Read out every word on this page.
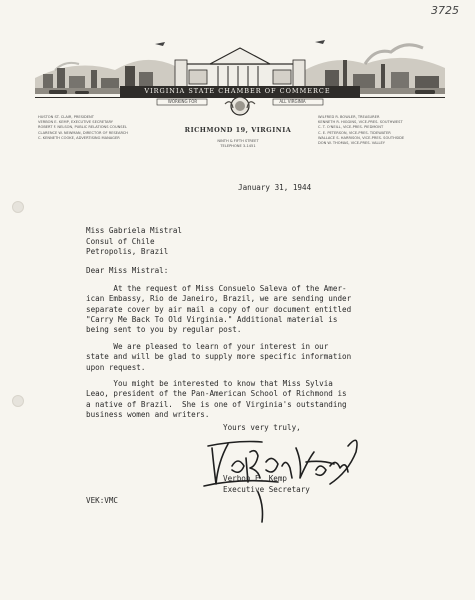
3725
VIRGINIA STATE CHAMBER OF COMMERCE
WORKING FOR	ALL VIRGINIA
HUSTON ST. CLAIR, PRESIDENT
VERBON E. KEMP, EXECUTIVE SECRETARY
ROBERT F. NELSON, PUBLIC RELATIONS COUNSEL
CLARENCE W. NEWMAN, DIRECTOR OF RESEARCH
C. KENNETH COOKE, ADVERTISING MANAGER
RICHMOND 19, VIRGINIA
NINTH & FIFTH STREET
TELEPHONE 3-1451
WILFRED R. BOWLER, TREASURER
KENNETH R. HIGGINS, VICE-PRES. SOUTHWEST
C. T. O'NEILL, VICE-PRES. PIEDMONT
C. E. PETERSON, VICE-PRES. TIDEWATER
WALLACE S. HARRISON, VICE-PRES. SOUTHSIDE
DON W. THOMAS, VICE-PRES. VALLEY
January 31, 1944
Miss Gabriela Mistral
Consul of Chile
Petropolis, Brazil
Dear Miss Mistral:
At the request of Miss Consuelo Saleva of the Amer-
ican Embassy, Rio de Janeiro, Brazil, we are sending under
separate cover by air mail a copy of our document entitled
"Carry Me Back To Old Virginia." Additional material is
being sent to you by regular post.
We are pleased to learn of your interest in our
state and will be glad to supply more specific information
upon request.
You might be interested to know that Miss Sylvia
Leao, president of the Pan-American School of Richmond is
a native of Brazil.  She is one of Virginia's outstanding
business women and writers.
Yours very truly,
Verbon E. Kemp
Executive Secretary
VEK:VMC
